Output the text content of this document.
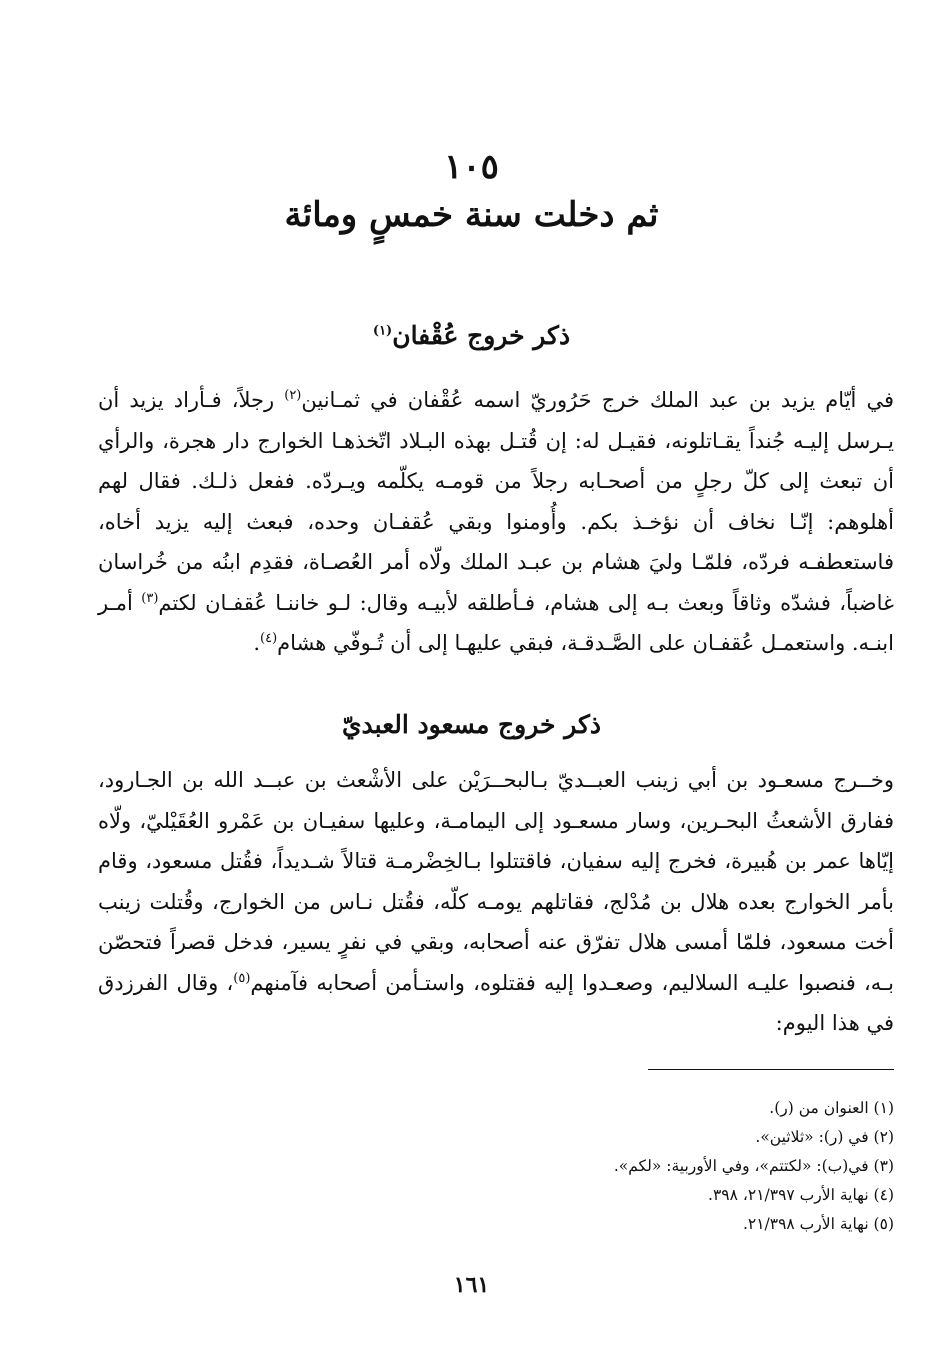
١٠٥
ثم دخلت سنة خمسٍ ومائة
ذكر خروج عُقْفان$^{(١)}$
في أيّام يزيد بن عبد الملك خرج حَرُوريّ اسمه عُقْفان في ثمـانين$^{(٢)}$ رجلاً، فـأراد يزيد أن يـرسل إليـه جُنداً يقـاتلونه، فقيـل له: إن قُتـل بهذه البـلاد اتّخذهـا الخوارج دار هجرة، والرأي أن تبعث إلى كلّ رجلٍ من أصحـابه رجلاً من قومـه يكلّمه ويـردّه. ففعل ذلـك. فقال لهم أهلوهم: إنّـا نخاف أن نؤخـذ بكم. وأُومنوا وبقي عُقفـان وحده، فبعث إليه يزيد أخاه، فاستعطفـه فردّه، فلمّـا وليَ هشام بن عبـد الملك ولّاه أمر العُصـاة، فقدِم ابنُه من خُراسان غاضباً، فشدّه وثاقاً وبعث بـه إلى هشام، فـأطلقه لأبيـه وقال: لـو خاننـا عُقفـان لكتم$^{(٣)}$ أمـر ابنـه. واستعمـل عُقفـان على الصَّـدقـة، فبقي عليهـا إلى أن تُـوفّي هشام$^{(٤)}$.
ذكر خروج مسعود العبديّ
وخــرج مسعـود بن أبي زينب العبــديّ بـالبحــرَيْن على الأشْعث بن عبــد الله بن الجـارود، ففارق الأشعثُ البحـرين، وسار مسعـود إلى اليمامـة، وعليها سفيـان بن عَمْرو العُقَيْليّ، ولّاه إيّاها عمر بن هُبيرة، فخرج إليه سفيان، فاقتتلوا بـالخِضْرمـة قتالاً شـديداً، فقُتل مسعود، وقام بأمر الخوارج بعده هلال بن مُدْلج، فقاتلهم يومـه كلّه، فقُتل نـاس من الخوارج، وقُتلت زينب أخت مسعود، فلمّا أمسى هلال تفرّق عنه أصحابه، وبقي في نفرٍ يسير، فدخل قصراً فتحصّن بـه، فنصبوا عليـه السلاليم، وصعـدوا إليه فقتلوه، واستـأمن أصحابه فآمنهم$^{(٥)}$، وقال الفرزدق في هذا اليوم:
(١) العنوان من (ر).
(٢) في (ر): «ثلاثين».
(٣) في(ب): «لكتتم»، وفي الأوربية: «لكم».
(٤) نهاية الأرب ٢١/٣٩٧، ٣٩٨.
(٥) نهاية الأرب ٢١/٣٩٨.
١٦١
